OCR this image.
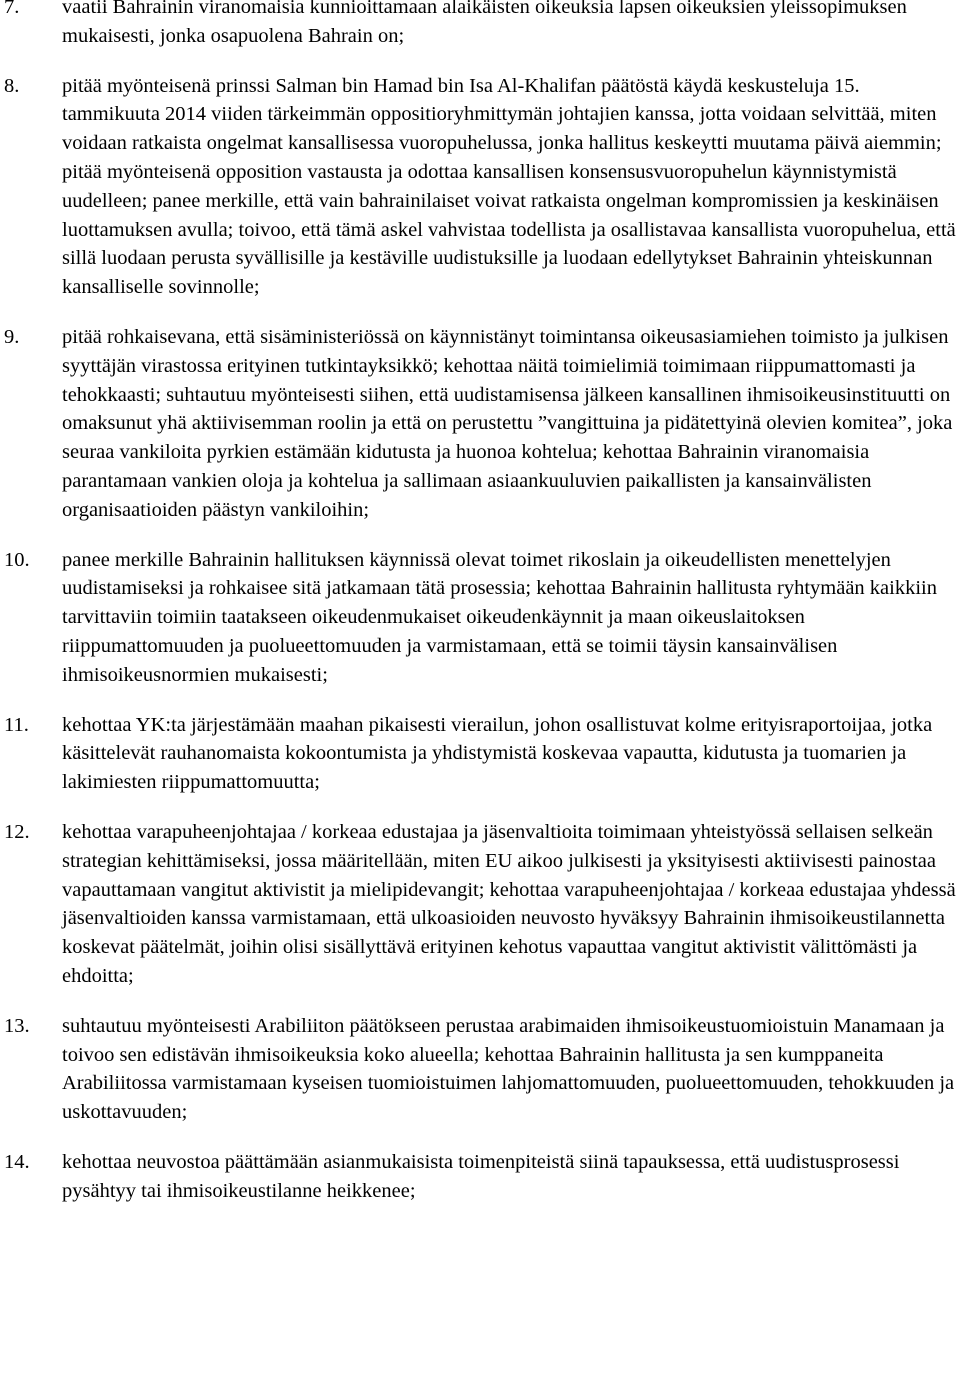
7.	vaatii Bahrainin viranomaisia kunnioittamaan alaikäisten oikeuksia lapsen oikeuksien yleissopimuksen mukaisesti, jonka osapuolena Bahrain on;
8.	pitää myönteisenä prinssi Salman bin Hamad bin Isa Al-Khalifan päätöstä käydä keskusteluja 15. tammikuuta 2014 viiden tärkeimmän oppositioryhmittymän johtajien kanssa, jotta voidaan selvittää, miten voidaan ratkaista ongelmat kansallisessa vuoropuhelussa, jonka hallitus keskeytti muutama päivä aiemmin; pitää myönteisenä opposition vastausta ja odottaa kansallisen konsensusvuoropuhelun käynnistymistä uudelleen; panee merkille, että vain bahrainilaiset voivat ratkaista ongelman kompromissien ja keskinäisen luottamuksen avulla; toivoo, että tämä askel vahvistaa todellista ja osallistavaa kansallista vuoropuhelua, että sillä luodaan perusta syvällisille ja kestäville uudistuksille ja luodaan edellytykset Bahrainin yhteiskunnan kansalliselle sovinnolle;
9.	pitää rohkaisevana, että sisäministeriössä on käynnistänyt toimintansa oikeusasiamiehen toimisto ja julkisen syyttäjän virastossa erityinen tutkintayksikkö; kehottaa näitä toimielimiä toimimaan riippumattomasti ja tehokkaasti; suhtautuu myönteisesti siihen, että uudistamisensa jälkeen kansallinen ihmisoikeusinstituutti on omaksunut yhä aktiivisemman roolin ja että on perustettu ”vangittuina ja pidätettyinä olevien komitea”, joka seuraa vankiloita pyrkien estämään kidutusta ja huonoa kohtelua; kehottaa Bahrainin viranomaisia parantamaan vankien oloja ja kohtelua ja sallimaan asiaankuuluvien paikallisten ja kansainvälisten organisaatioiden päästyn vankiloihin;
10.	panee merkille Bahrainin hallituksen käynnissä olevat toimet rikoslain ja oikeudellisten menettelyjen uudistamiseksi ja rohkaisee sitä jatkamaan tätä prosessia; kehottaa Bahrainin hallitusta ryhtymään kaikkiin tarvittaviin toimiin taatakseen oikeudenmukaiset oikeudenkäynnit ja maan oikeuslaitoksen riippumattomuuden ja puolueettomuuden ja varmistamaan, että se toimii täysin kansainvälisen ihmisoikeusnormien mukaisesti;
11.	kehottaa YK:ta järjestämään maahan pikaisesti vierailun, johon osallistuvat kolme erityisraportoijaa, jotka käsittelevät rauhanomaista kokoontumista ja yhdistymistä koskevaa vapautta, kidutusta ja tuomarien ja lakimiesten riippumattomuutta;
12.	kehottaa varapuheenjohtajaa / korkeaa edustajaa ja jäsenvaltioita toimimaan yhteistyössä sellaisen selkeän strategian kehittämiseksi, jossa määritellään, miten EU aikoo julkisesti ja yksityisesti aktiivisesti painostaa vapauttamaan vangitut aktivistit ja mielipidevangit; kehottaa varapuheenjohtajaa / korkeaa edustajaa yhdessä jäsenvaltioiden kanssa varmistamaan, että ulkoasioiden neuvosto hyväksyy Bahrainin ihmisoikeustilannetta koskevat päätelmät, joihin olisi sisällyttävä erityinen kehotus vapauttaa vangitut aktivistit välittömästi ja ehdoitta;
13.	suhtautuu myönteisesti Arabiliiton päätökseen perustaa arabimaiden ihmisoikeustuomioistuin Manamaan ja toivoo sen edistävän ihmisoikeuksia koko alueella; kehottaa Bahrainin hallitusta ja sen kumppaneita Arabiliitossa varmistamaan kyseisen tuomioistuimen lahjomattomuuden, puolueettomuuden, tehokkuuden ja uskottavuuden;
14.	kehottaa neuvostoa päättämään asianmukaisista toimenpiteistä siinä tapauksessa, että uudistusprosessi pysähtyy tai ihmisoikeustilanne heikkenee;
